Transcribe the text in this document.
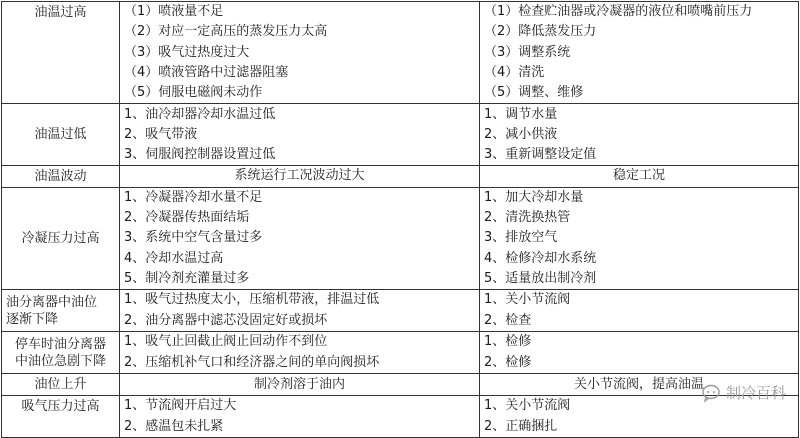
油温过高	（1）喷液量不足
（2）对应一定高压的蒸发压力太高
（3）吸气过热度过大
（4）喷液管路中过滤器阻塞
（5）伺服电磁阀未动作	（1）检查贮油器或冷凝器的液位和喷嘴前压力
（2）降低蒸发压力
（3）调整系统
（4）清洗
（5）调整、维修

油温过低	1、油冷却器冷却水温过低
2、吸气带液
3、伺服阀控制器设置过低	1、调节水量
2、减小供液
3、重新调整设定值

油温波动	系统运行工况波动过大	稳定工况
冷凝压力过高	1、冷凝器冷却水量不足
2、冷凝器传热面结垢
3、系统中空气含量过多
4、冷却水温过高
5、制冷剂充灌量过多	1、加大冷却水量
2、清洗换热管
3、排放空气
4、检修冷却水系统
5、适量放出制冷剂

油分离器中油位
逐渐下降	1、吸气过热度太小，压缩机带液，排温过低
2、油分离器中滤芯没固定好或损坏	1、关小节流阀
2、检查

停车时油分离器
中油位急剧下降	1、吸气止回截止阀止回动作不到位
2、压缩机补气口和经济器之间的单向阀损坏	1、检修
2、检修

油位上升	制冷剂溶于油内	关小节流阀，提高油温
吸气压力过高	1、节流阀开启过大
2、感温包未扎紧	1、关小节流阀
2、正确捆扎
制冷百科
